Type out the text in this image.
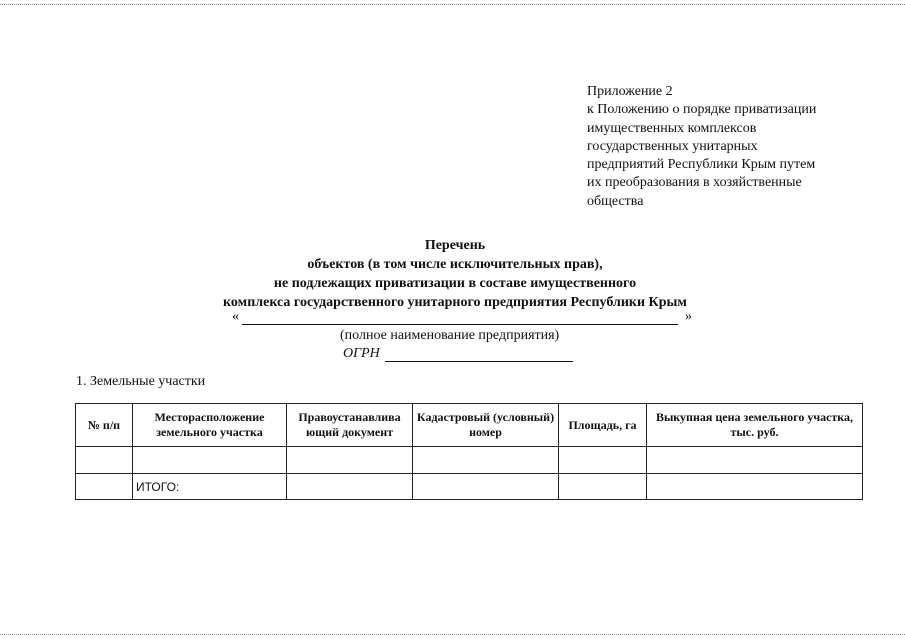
Приложение 2
к Положению о порядке приватизации
имущественных комплексов
государственных унитарных
предприятий Республики Крым путем
их преобразования в хозяйственные
общества
Перечень
объектов (в том числе исключительных прав),
не подлежащих приватизации в составе имущественного
комплекса государственного унитарного предприятия Республики Крым
«	»
(полное наименование предприятия)
ОГРН
1. Земельные участки
№ п/п	Месторасположение земельного участка	Правоустанавлива ющий документ	Кадастровый (условный) номер	Площадь, га	Выкупная цена земельного участка, тыс. руб.

	ИТОГО:				
